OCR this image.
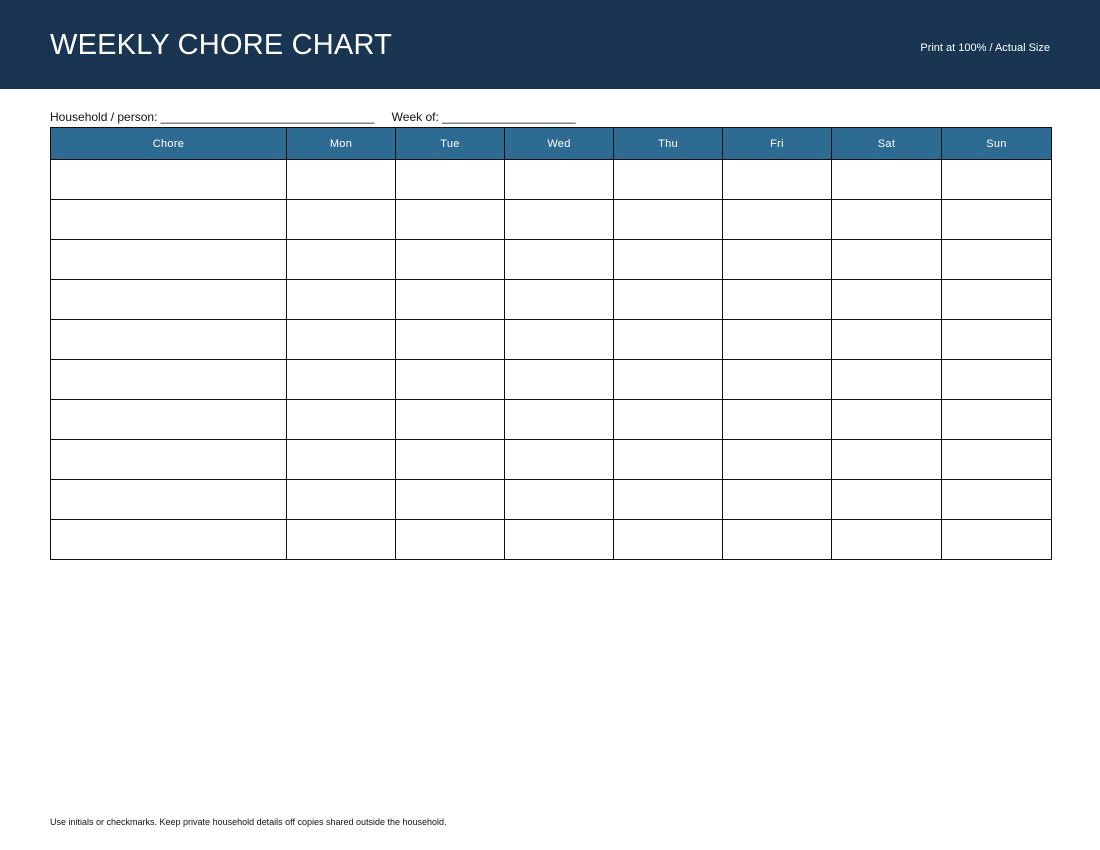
WEEKLY CHORE CHART	Print at 100% / Actual Size
Household / person: ________________________________ Week of: ____________________
Chore	Mon	Tue	Wed	Thu	Fri	Sat	Sun

Use initials or checkmarks. Keep private household details off copies shared outside the household.
